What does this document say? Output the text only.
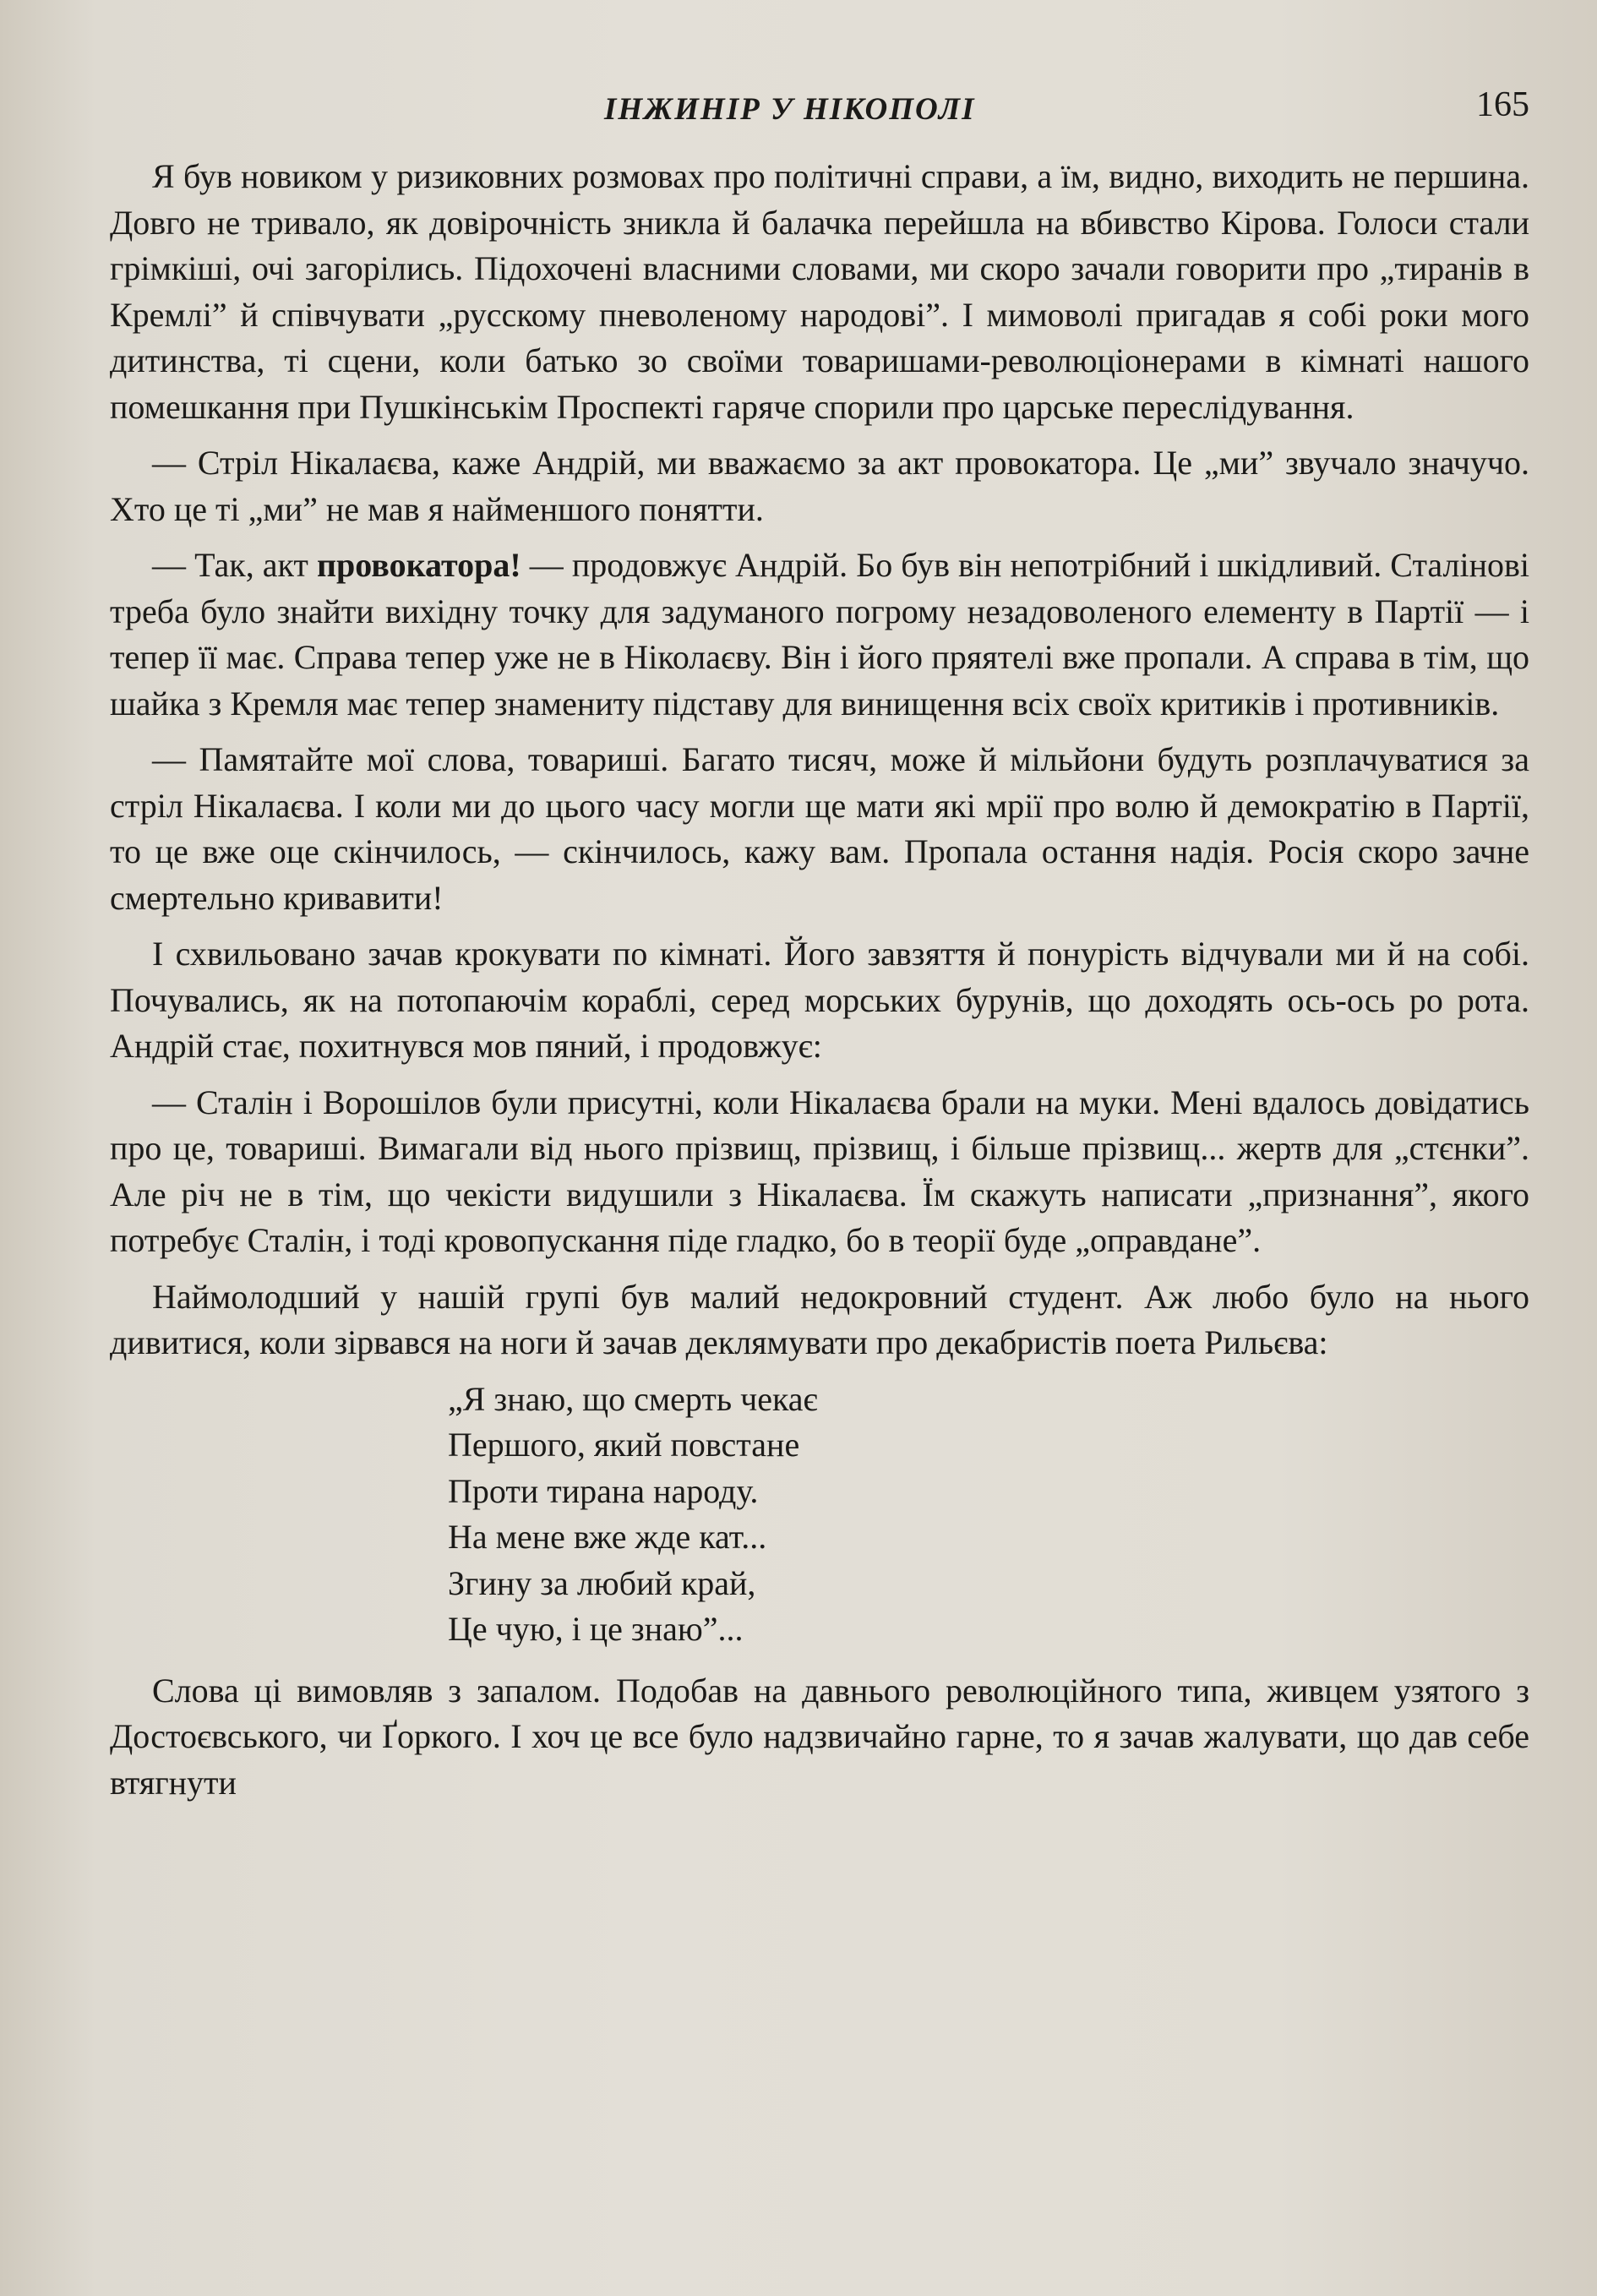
ІНЖИНІР У НІКОПОЛІ	165

Я був новиком у ризиковних розмовах про політичні справи, а їм, видно, виходить не першина. Довго не тривало, як довірочність зникла й балачка перейшла на вбивство Кірова. Голоси стали грімкіші, очі загорілись. Підохочені власними словами, ми скоро зачали говорити про „тиранів в Кремлі” й співчувати „русскому пневоленому народові”. І мимоволі пригадав я собі роки мого дитинства, ті сцени, коли батько зо своїми товаришами-революціонерами в кімнаті нашого помешкання при Пушкінськім Проспекті гаряче спорили про царське переслідування.

— Стріл Нікалаєва, каже Андрій, ми вважаємо за акт провокатора. Це „ми” звучало значучо. Хто це ті „ми” не мав я найменшого понятти.

— Так, акт провокатора! — продовжує Андрій. Бо був він непотрібний і шкідливий. Сталінові треба було знайти вихідну точку для задуманого погрому незадоволеного елементу в Партії — і тепер її має. Справа тепер уже не в Ніколаєву. Він і його пряятелі вже пропали. А справа в тім, що шайка з Кремля має тепер знамениту підставу для винищення всіх своїх критиків і противників.

— Памятайте мої слова, товариші. Багато тисяч, може й мільйони будуть розплачуватися за стріл Нікалаєва. І коли ми до цього часу могли ще мати які мрії про волю й демократію в Партії, то це вже оце скінчилось, — скінчилось, кажу вам. Пропала остання надія. Росія скоро зачне смертельно кривавити!

І схвильовано зачав крокувати по кімнаті. Його завзяття й понурість відчували ми й на собі. Почувались, як на потопаючім кораблі, серед морських бурунів, що доходять ось-ось ро рота. Андрій стає, похитнувся мов пяний, і продовжує:

— Сталін і Ворошілов були присутні, коли Нікалаєва брали на муки. Мені вдалось довідатись про це, товариші. Вимагали від нього прізвищ, прізвищ, і більше прізвищ... жертв для „стєнки”. Але річ не в тім, що чекісти видушили з Нікалаєва. Їм скажуть написати „признання”, якого потребує Сталін, і тоді кровопускання піде гладко, бо в теорії буде „оправдане”.

Наймолодший у нашій групі був малий недокровний студент. Аж любо було на нього дивитися, коли зірвався на ноги й зачав деклямувати про декабристів поета Рильєва:

„Я знаю, що смерть чекає
Першого, який повстане
Проти тирана народу.
На мене вже жде кат...
Згину за любий край,
Це чую, і це знаю”...

Слова ці вимовляв з запалом. Подобав на давнього революційного типа, живцем узятого з Достоєвського, чи Ґоркого. І хоч це все було надзвичайно гарне, то я зачав жалувати, що дав себе втягнути
